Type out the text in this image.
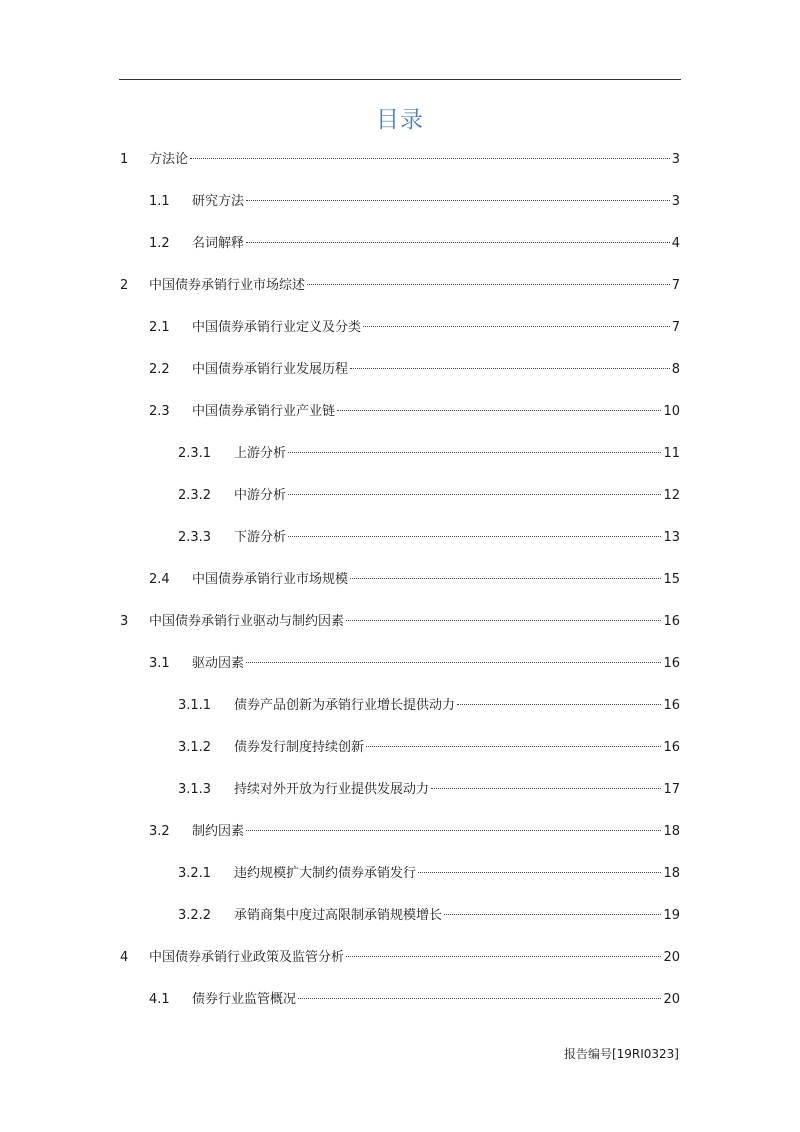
目录
1	方法论	3
1.1	研究方法	3
1.2	名词解释	4
2	中国债券承销行业市场综述	7
2.1	中国债券承销行业定义及分类	7
2.2	中国债券承销行业发展历程	8
2.3	中国债券承销行业产业链	10
2.3.1	上游分析	11
2.3.2	中游分析	12
2.3.3	下游分析	13
2.4	中国债券承销行业市场规模	15
3	中国债券承销行业驱动与制约因素	16
3.1	驱动因素	16
3.1.1	债券产品创新为承销行业增长提供动力	16
3.1.2	债券发行制度持续创新	16
3.1.3	持续对外开放为行业提供发展动力	17
3.2	制约因素	18
3.2.1	违约规模扩大制约债券承销发行	18
3.2.2	承销商集中度过高限制承销规模增长	19
4	中国债券承销行业政策及监管分析	20
4.1	债券行业监管概况	20
报告编号[19RI0323]
